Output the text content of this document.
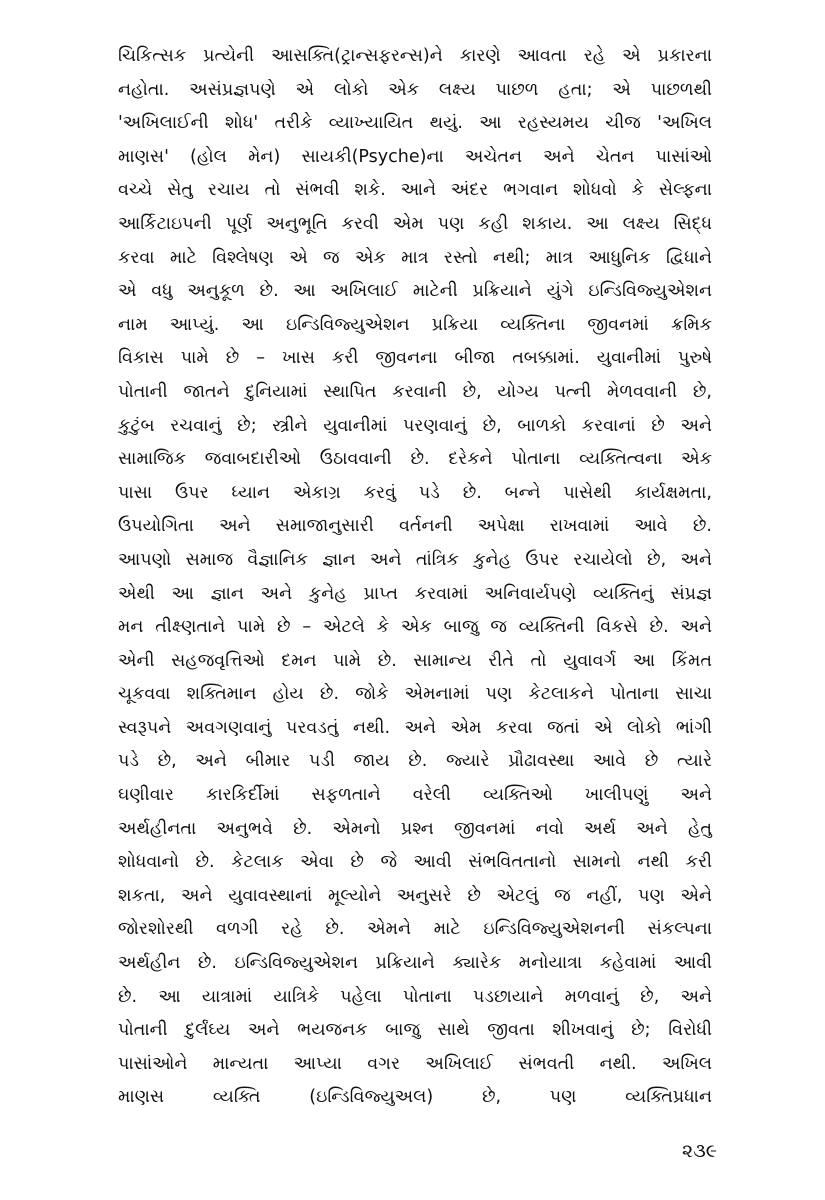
ચિકિત્સક પ્રત્યેની આસક્તિ(ટ્રાન્સફરન્સ)ને કારણે આવતા રહે એ પ્રકારના
નહોતા. અસંપ્રજ્ઞપણે એ લોકો એક લક્ષ્ય પાછળ હતા; એ પાછળથી
'અખિલાઈની શોધ' તરીકે વ્યાખ્યાયિત થયું. આ રહસ્યમય ચીજ 'અખિલ
માણસ' (હોલ મેન) સાયકી(Psyche)ના અચેતન અને ચેતન પાસાંઓ
વચ્ચે સેતુ રચાય તો સંભવી શકે. આને અંદર ભગવાન શોધવો કે સેલ્ફના
આર્કિટાઇપની પૂર્ણ અનુભૂતિ કરવી એમ પણ કહી શકાય. આ લક્ષ્ય સિદ્ધ
કરવા માટે વિશ્લેષણ એ જ એક માત્ર રસ્તો નથી; માત્ર આધુનિક દ્વિધાને
એ વધુ અનુકૂળ છે. આ અખિલાઈ માટેની પ્રક્રિયાને યુંગે ઇન્ડિવિજ્યુએશન
નામ આપ્યું. આ ઇન્ડિવિજ્યુએશન પ્રક્રિયા વ્યક્તિના જીવનમાં ક્રમિક
વિકાસ પામે છે – ખાસ કરી જીવનના બીજા તબક્કામાં. યુવાનીમાં પુરુષે
પોતાની જાતને દુનિયામાં સ્થાપિત કરવાની છે, યોગ્ય પત્ની મેળવવાની છે,
કુટુંબ રચવાનું છે; સ્ત્રીને યુવાનીમાં પરણવાનું છે, બાળકો કરવાનાં છે અને
સામાજિક જવાબદારીઓ ઉઠાવવાની છે. દરેકને પોતાના વ્યક્તિત્વના એક
પાસા ઉપર ધ્યાન એકાગ્ર કરવું પડે છે. બન્ને પાસેથી કાર્યક્ષમતા,
ઉપયોગિતા અને સમાજાનુસારી વર્તનની અપેક્ષા રાખવામાં આવે છે.
આપણો સમાજ વૈજ્ઞાનિક જ્ઞાન અને તાંત્રિક કુનેહ ઉપર રચાયેલો છે, અને
એથી આ જ્ઞાન અને કુનેહ પ્રાપ્ત કરવામાં અનિવાર્યપણે વ્યક્તિનું સંપ્રજ્ઞ
મન તીક્ષ્ણતાને પામે છે – એટલે કે એક બાજુ જ વ્યક્તિની વિકસે છે. અને
એની સહજવૃત્તિઓ દમન પામે છે. સામાન્ય રીતે તો યુવાવર્ગ આ કિંમત
ચૂકવવા શક્તિમાન હોય છે. જોકે એમનામાં પણ કેટલાકને પોતાના સાચા
સ્વરૂપને અવગણવાનું પરવડતું નથી. અને એમ કરવા જતાં એ લોકો ભાંગી
પડે છે, અને બીમાર પડી જાય છે. જ્યારે પ્રૌઢાવસ્થા આવે છે ત્યારે
ઘણીવાર કારકિર્દીમાં સફળતાને વરેલી વ્યક્તિઓ ખાલીપણું અને
અર્થહીનતા અનુભવે છે. એમનો પ્રશ્ન જીવનમાં નવો અર્થ અને હેતુ
શોધવાનો છે. કેટલાક એવા છે જે આવી સંભવિતતાનો સામનો નથી કરી
શકતા, અને યુવાવસ્થાનાં મૂલ્યોને અનુસરે છે એટલું જ નહીં, પણ એને
જોરશોરથી વળગી રહે છે. એમને માટે ઇન્ડિવિજ્યુએશનની સંકલ્પના
અર્થહીન છે. ઇન્ડિવિજ્યુએશન પ્રક્રિયાને ક્યારેક મનોયાત્રા કહેવામાં આવી
છે. આ યાત્રામાં યાત્રિકે પહેલા પોતાના પડછાયાને મળવાનું છે, અને
પોતાની દુર્લંઘ્ય અને ભયજનક બાજુ સાથે જીવતા શીખવાનું છે; વિરોધી
પાસાંઓને માન્યતા આપ્યા વગર અખિલાઈ સંભવતી નથી. અખિલ
માણસ વ્યક્તિ (ઇન્ડિવિજ્યુઅલ) છે, પણ વ્યક્તિપ્રધાન
૨૩૯
